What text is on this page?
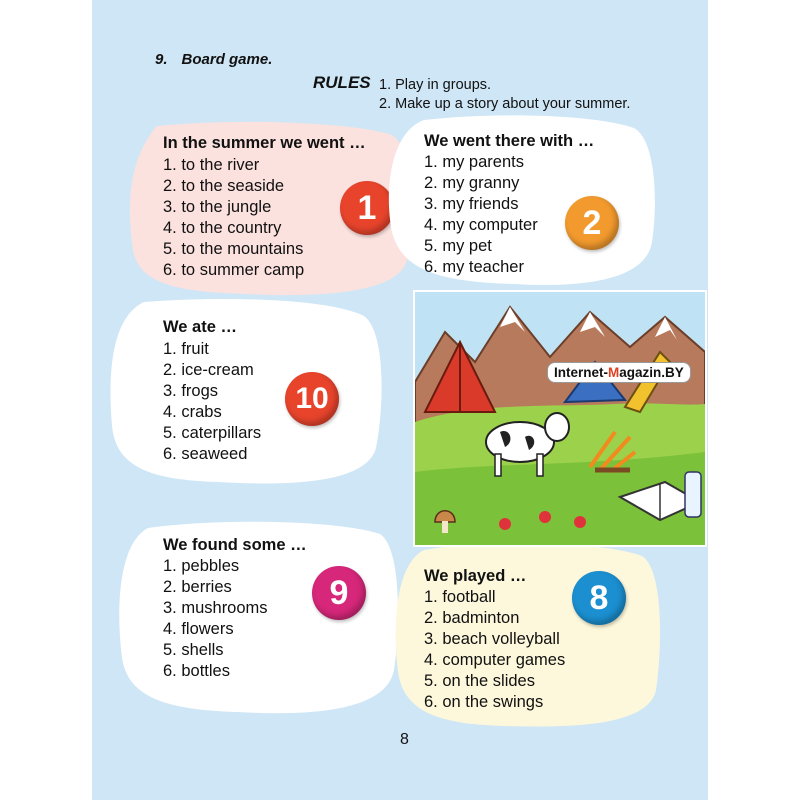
9. Board game.
RULES 1. Play in groups.
2. Make up a story about your summer.
In the summer we went …
1. to the river
2. to the seaside
3. to the jungle
4. to the country
5. to the mountains
6. to summer camp
1
We went there with …
1. my parents
2. my granny
3. my friends
4. my computer
5. my pet
6. my teacher
2
We ate …
1. fruit
2. ice-cream
3. frogs
4. crabs
5. caterpillars
6. seaweed
10
We found some …
1. pebbles
2. berries
3. mushrooms
4. flowers
5. shells
6. bottles
9	We played …
1. football
2. badminton
3. beach volleyball
4. computer games
5. on the slides
6. on the swings
8
Internet-Magazin.BY
8
